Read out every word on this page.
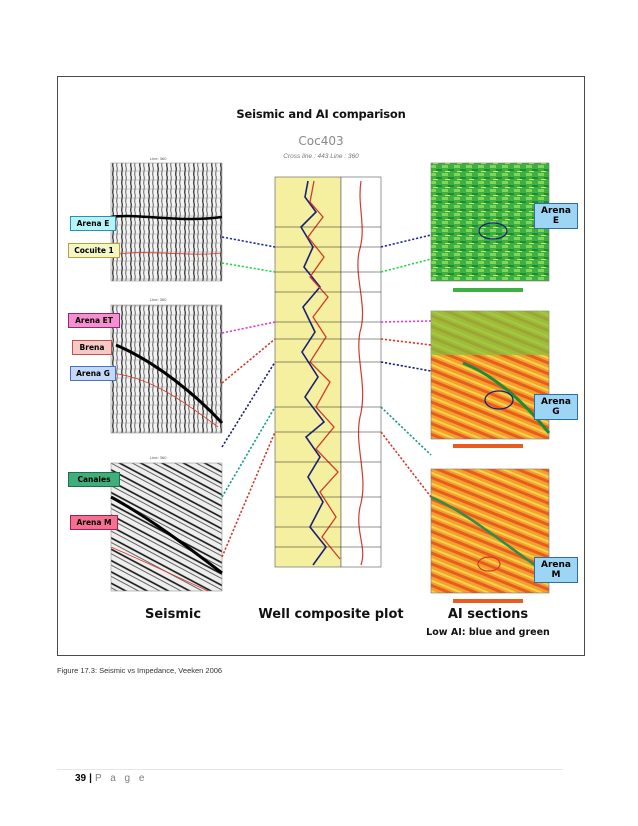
Seismic and AI comparison
Coc403
Cross line : 443 Line : 360
Line: 360
Line: 360
Line: 360
Arena E
Cocuite 1
Arena ET
Brena
Arena G
Canales
Arena M
Arena E
Arena G
Arena M
Seismic	Well composite plot	AI sections
Low AI: blue and green
Figure 17.3: Seismic vs Impedance, Veeken 2006
39 | P a g e
